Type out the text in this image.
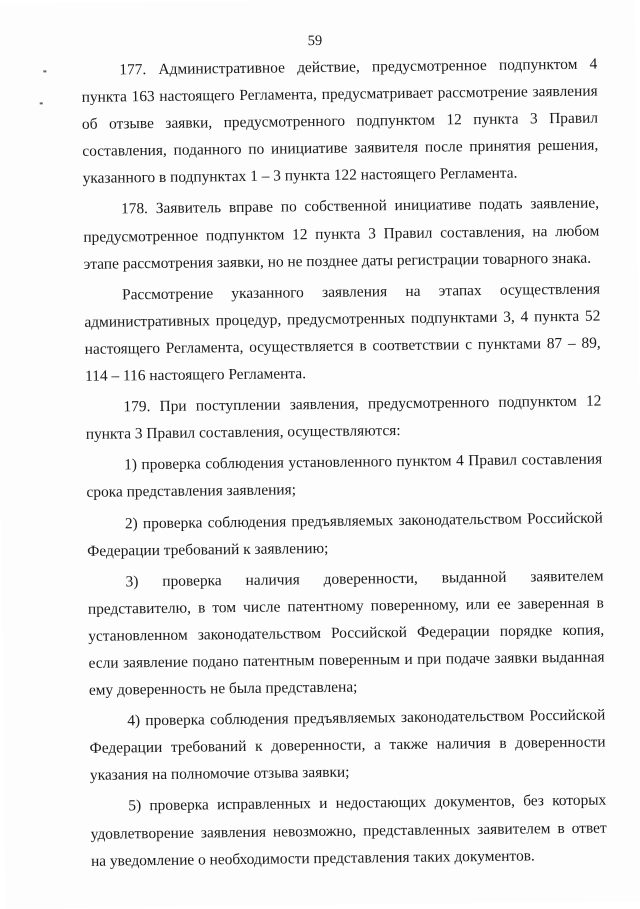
59

177. Административное действие, предусмотренное подпунктом 4 пункта 163 настоящего Регламента, предусматривает рассмотрение заявления об отзыве заявки, предусмотренного подпунктом 12 пункта 3 Правил составления, поданного по инициативе заявителя после принятия решения, указанного в подпунктах 1 – 3 пункта 122 настоящего Регламента.

178. Заявитель вправе по собственной инициативе подать заявление, предусмотренное подпунктом 12 пункта 3 Правил составления, на любом этапе рассмотрения заявки, но не позднее даты регистрации товарного знака.

Рассмотрение указанного заявления на этапах осуществления административных процедур, предусмотренных подпунктами 3, 4 пункта 52 настоящего Регламента, осуществляется в соответствии с пунктами 87 – 89, 114 – 116 настоящего Регламента.

179. При поступлении заявления, предусмотренного подпунктом 12 пункта 3 Правил составления, осуществляются:

1) проверка соблюдения установленного пунктом 4 Правил составления срока представления заявления;

2) проверка соблюдения предъявляемых законодательством Российской Федерации требований к заявлению;

3) проверка наличия доверенности, выданной заявителем представителю, в том числе патентному поверенному, или ее заверенная в установленном законодательством Российской Федерации порядке копия, если заявление подано патентным поверенным и при подаче заявки выданная ему доверенность не была представлена;

4) проверка соблюдения предъявляемых законодательством Российской Федерации требований к доверенности, а также наличия в доверенности указания на полномочие отзыва заявки;

5) проверка исправленных и недостающих документов, без которых удовлетворение заявления невозможно, представленных заявителем в ответ на уведомление о необходимости представления таких документов.
